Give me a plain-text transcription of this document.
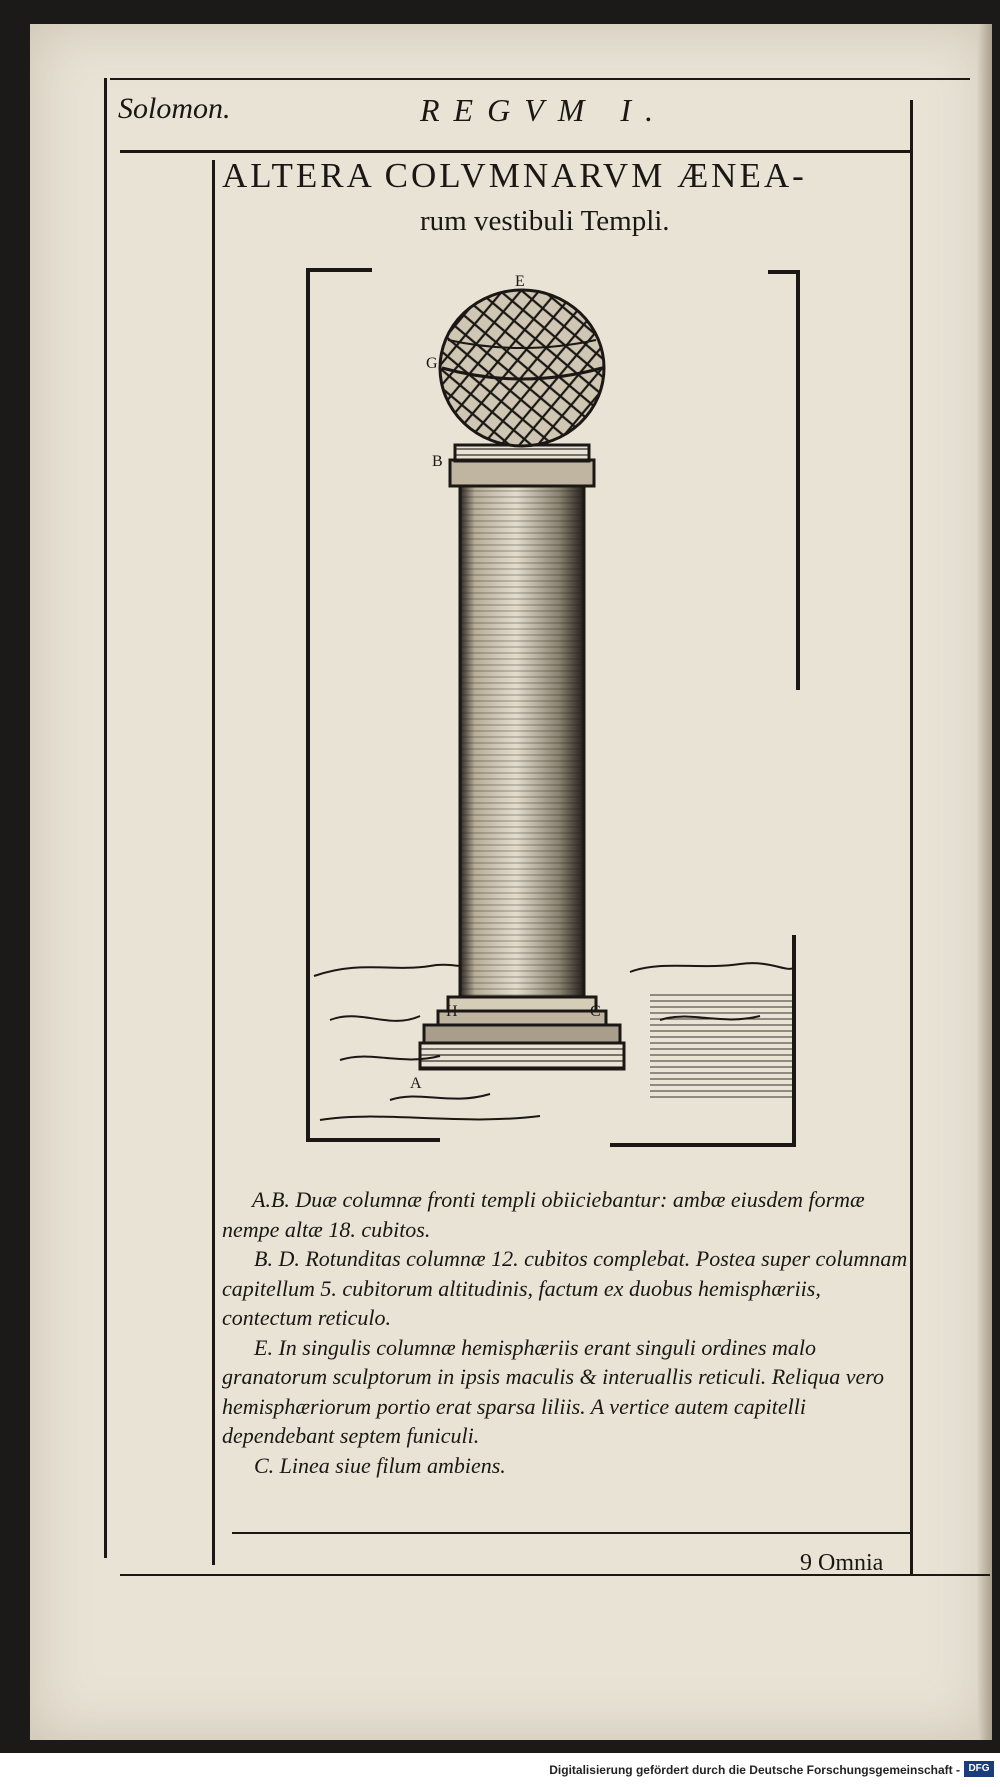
Solomon.	REGVM I.
ALTERA COLVMNARVM ÆNEA-
rum vestibuli Templi.
E
G
B
H	C
A

A.B. Duæ columnæ fronti templi obiiciebantur: ambæ eiusdem formæ nempe altæ 18. cubitos.

B. D. Rotunditas columnæ 12. cubitos complebat. Postea super columnam capitellum 5. cubitorum altitudinis, factum ex duobus hemisphæriis, contectum reticulo.

E. In singulis columnæ hemisphæriis erant singuli ordines malo granatorum sculptorum in ipsis maculis & interuallis reticuli. Reliqua vero hemisphæriorum portio erat sparsa liliis. A vertice autem capitelli dependebant septem funiculi.

C. Linea siue filum ambiens.

9 Omnia
Digitalisierung gefördert durch die Deutsche Forschungsgemeinschaft - DFG
